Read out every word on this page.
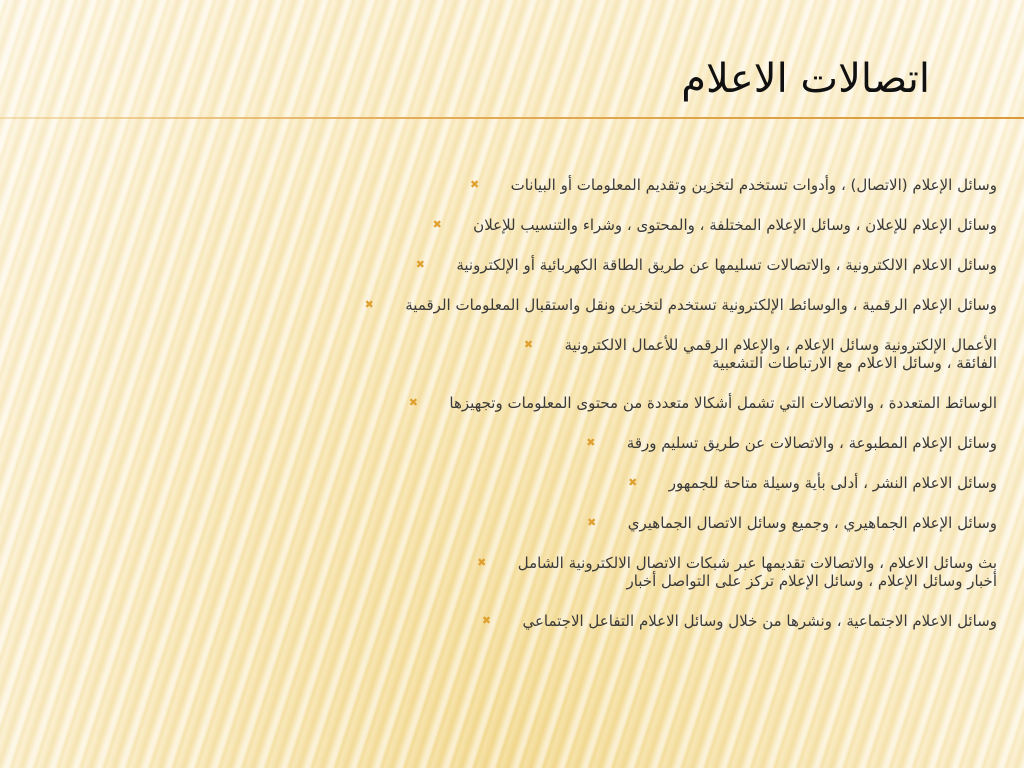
اتصالات الاعلام
وسائل الإعلام (الاتصال) ، وأدوات تستخدم لتخزين وتقديم المعلومات أو البيانات
✖
وسائل الإعلام للإعلان ، وسائل الإعلام المختلفة ، والمحتوى ، وشراء والتنسيب للإعلان
✖
وسائل الاعلام الالكترونية ، والاتصالات تسليمها عن طريق الطاقة الكهربائية أو الإلكترونية
✖
وسائل الإعلام الرقمية ، والوسائط الإلكترونية تستخدم لتخزين ونقل واستقبال المعلومات الرقمية
✖
الأعمال الإلكترونية وسائل الإعلام ، والإعلام الرقمي للأعمال الالكترونية
الفائقة ، وسائل الاعلام مع الارتباطات التشعبية
✖
الوسائط المتعددة ، والاتصالات التي تشمل أشكالا متعددة من محتوى المعلومات وتجهيزها
✖
وسائل الإعلام المطبوعة ، والاتصالات عن طريق تسليم ورقة
✖
وسائل الاعلام النشر ، أدلى بأية وسيلة متاحة للجمهور
✖
وسائل الإعلام الجماهيري ، وجميع وسائل الاتصال الجماهيري
✖
بث وسائل الاعلام ، والاتصالات تقديمها عبر شبكات الاتصال الالكترونية الشامل
أخبار وسائل الإعلام ، وسائل الإعلام تركز على التواصل أخبار
✖
وسائل الاعلام الاجتماعية ، ونشرها من خلال وسائل الاعلام التفاعل الاجتماعي
✖
